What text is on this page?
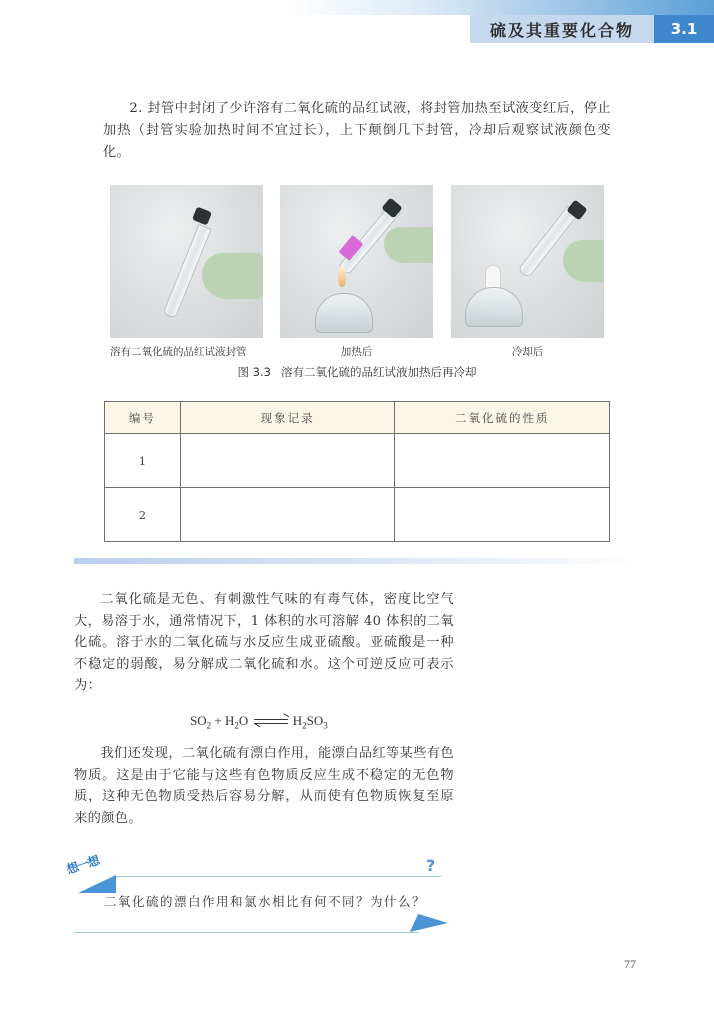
硫及其重要化合物	3.1
2. 封管中封闭了少许溶有二氧化硫的品红试液，将封管加热至试液变红后，停止加热（封管实验加热时间不宜过长），上下颠倒几下封管，冷却后观察试液颜色变化。
溶有二氧化硫的品红试液封管	加热后	冷却后
图 3.3 溶有二氧化硫的品红试液加热后再冷却
编号	现象记录	二氧化硫的性质
1		
2		
二氧化硫是无色、有刺激性气味的有毒气体，密度比空气大，易溶于水，通常情况下，1 体积的水可溶解 40 体积的二氧化硫。溶于水的二氧化硫与水反应生成亚硫酸。亚硫酸是一种不稳定的弱酸，易分解成二氧化硫和水。这个可逆反应可表示为：
$SO_2 + H_2O$	$H_2SO_3$
我们还发现，二氧化硫有漂白作用，能漂白品红等某些有色物质。这是由于它能与这些有色物质反应生成不稳定的无色物质，这种无色物质受热后容易分解，从而使有色物质恢复至原来的颜色。
想一想	?
二氧化硫的漂白作用和氯水相比有何不同？为什么？
77
